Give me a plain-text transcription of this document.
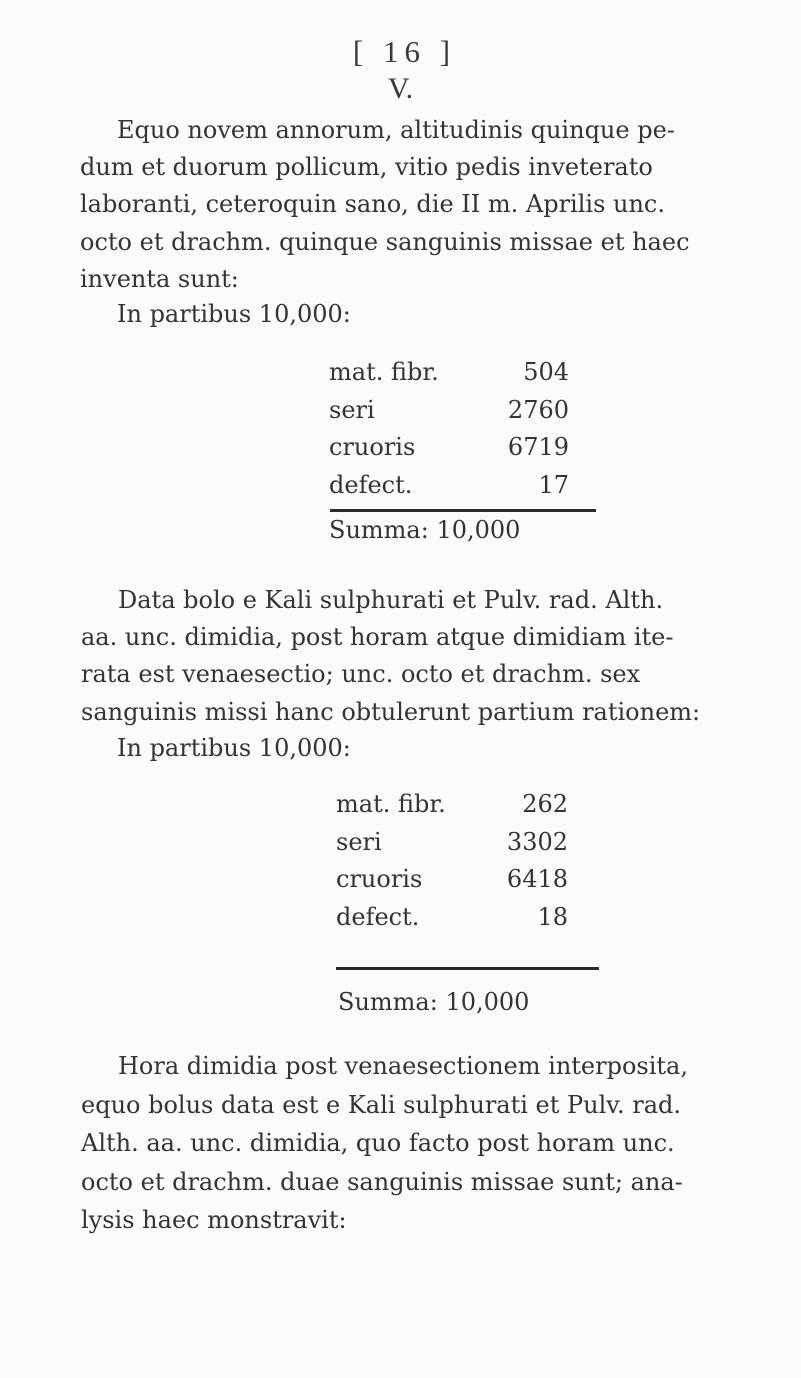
[ 16 ]
V.
Equo novem annorum, altitudinis quinque pe-
dum et duorum pollicum, vitio pedis inveterato
laboranti, ceteroquin sano, die II m. Aprilis unc.
octo et drachm. quinque sanguinis missae et haec
inventa sunt:
In partibus 10,000:
mat. fibr.	504
seri	2760
cruoris	6719
defect.	17
Summa: 10,000
Data bolo e Kali sulphurati et Pulv. rad. Alth.
aa. unc. dimidia, post horam atque dimidiam ite-
rata est venaesectio; unc. octo et drachm. sex
sanguinis missi hanc obtulerunt partium rationem:
In partibus 10,000:
mat. fibr.	262
seri	3302
cruoris	6418
defect.	18
Summa: 10,000
Hora dimidia post venaesectionem interposita,
equo bolus data est e Kali sulphurati et Pulv. rad.
Alth. aa. unc. dimidia, quo facto post horam unc.
octo et drachm. duae sanguinis missae sunt; ana-
lysis haec monstravit:
